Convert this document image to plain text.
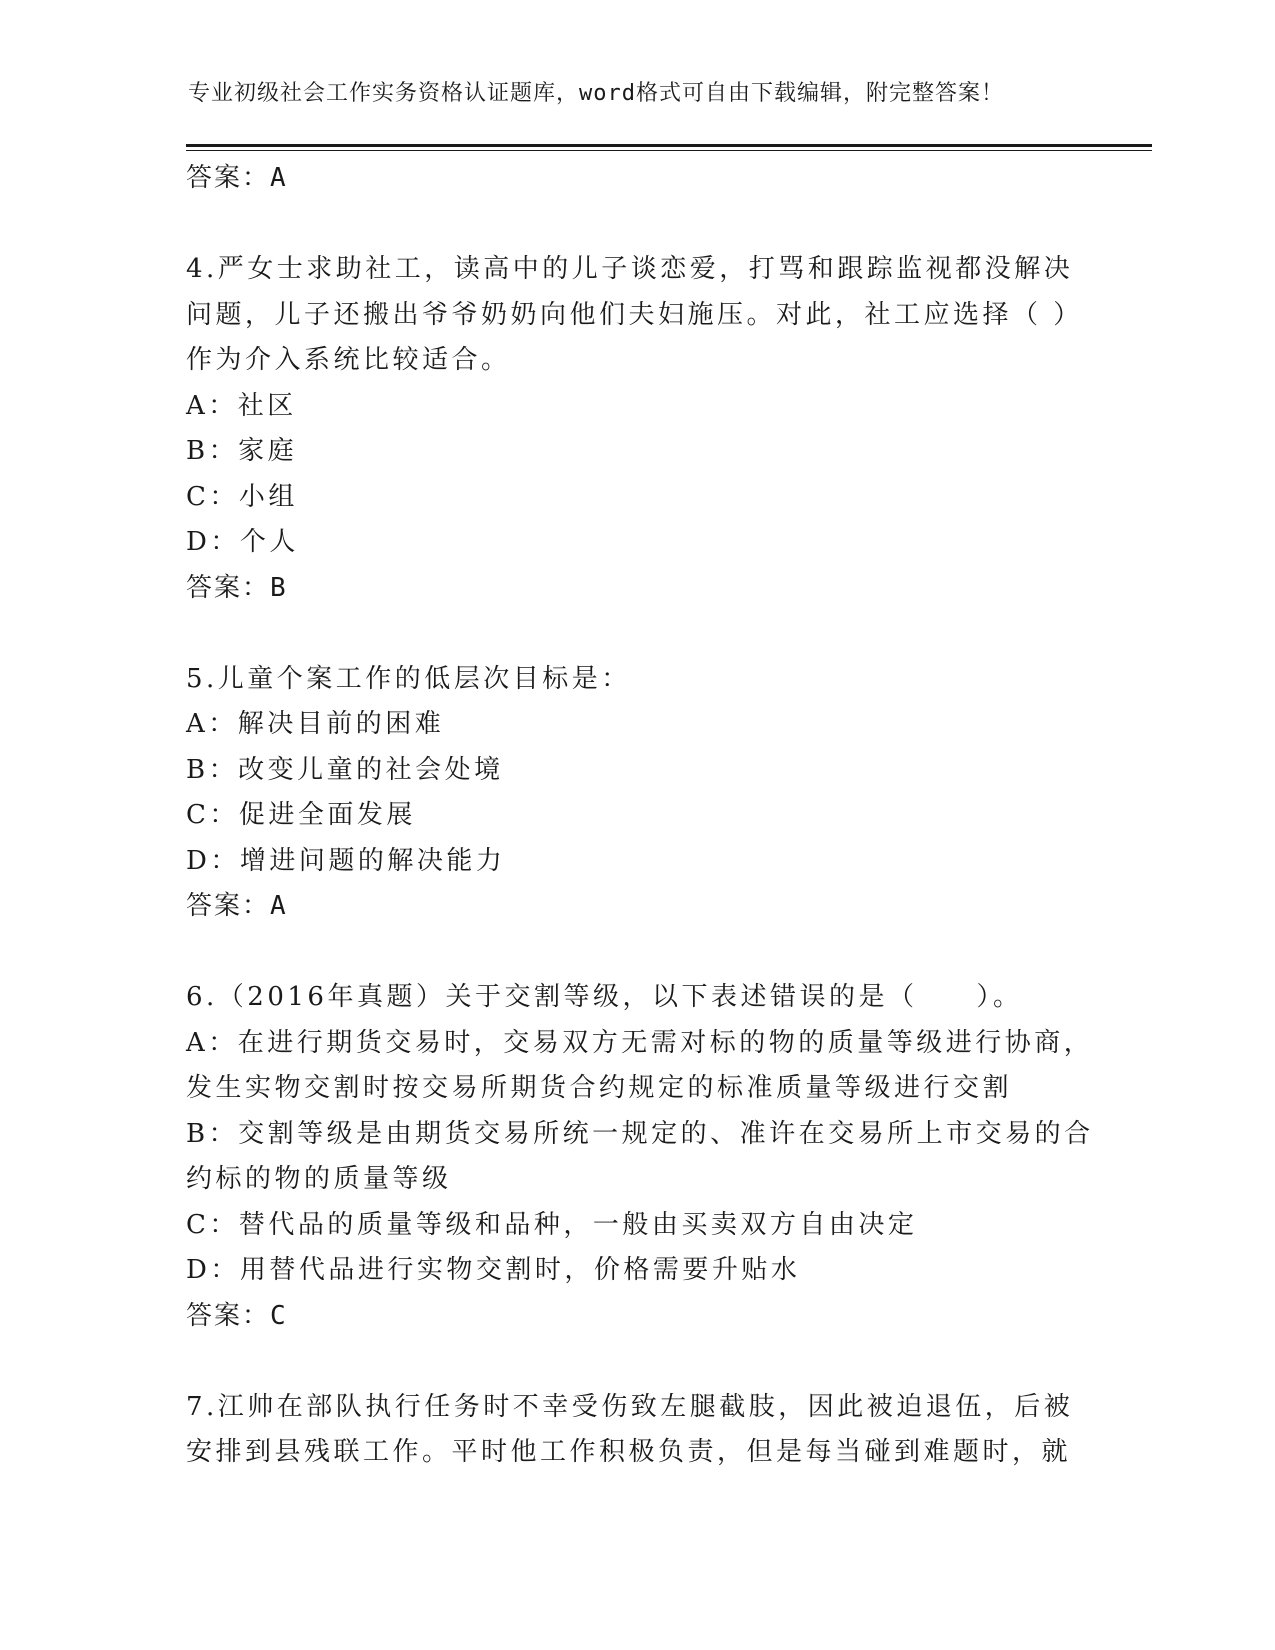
专业初级社会工作实务资格认证题库，word格式可自由下载编辑，附完整答案！
答案：A
4.严女士求助社工，读高中的儿子谈恋爱，打骂和跟踪监视都没解决
问题，儿子还搬出爷爷奶奶向他们夫妇施压。对此，社工应选择（ ）
作为介入系统比较适合。
A：社区
B：家庭
C：小组
D：个人
答案：B
5.儿童个案工作的低层次目标是：
A：解决目前的困难
B：改变儿童的社会处境
C：促进全面发展
D：增进问题的解决能力
答案：A
6.（2016年真题）关于交割等级，以下表述错误的是（　　）。
A：在进行期货交易时，交易双方无需对标的物的质量等级进行协商，
发生实物交割时按交易所期货合约规定的标准质量等级进行交割
B：交割等级是由期货交易所统一规定的、准许在交易所上市交易的合
约标的物的质量等级
C：替代品的质量等级和品种，一般由买卖双方自由决定
D：用替代品进行实物交割时，价格需要升贴水
答案：C
7.江帅在部队执行任务时不幸受伤致左腿截肢，因此被迫退伍，后被
安排到县残联工作。平时他工作积极负责，但是每当碰到难题时，就
